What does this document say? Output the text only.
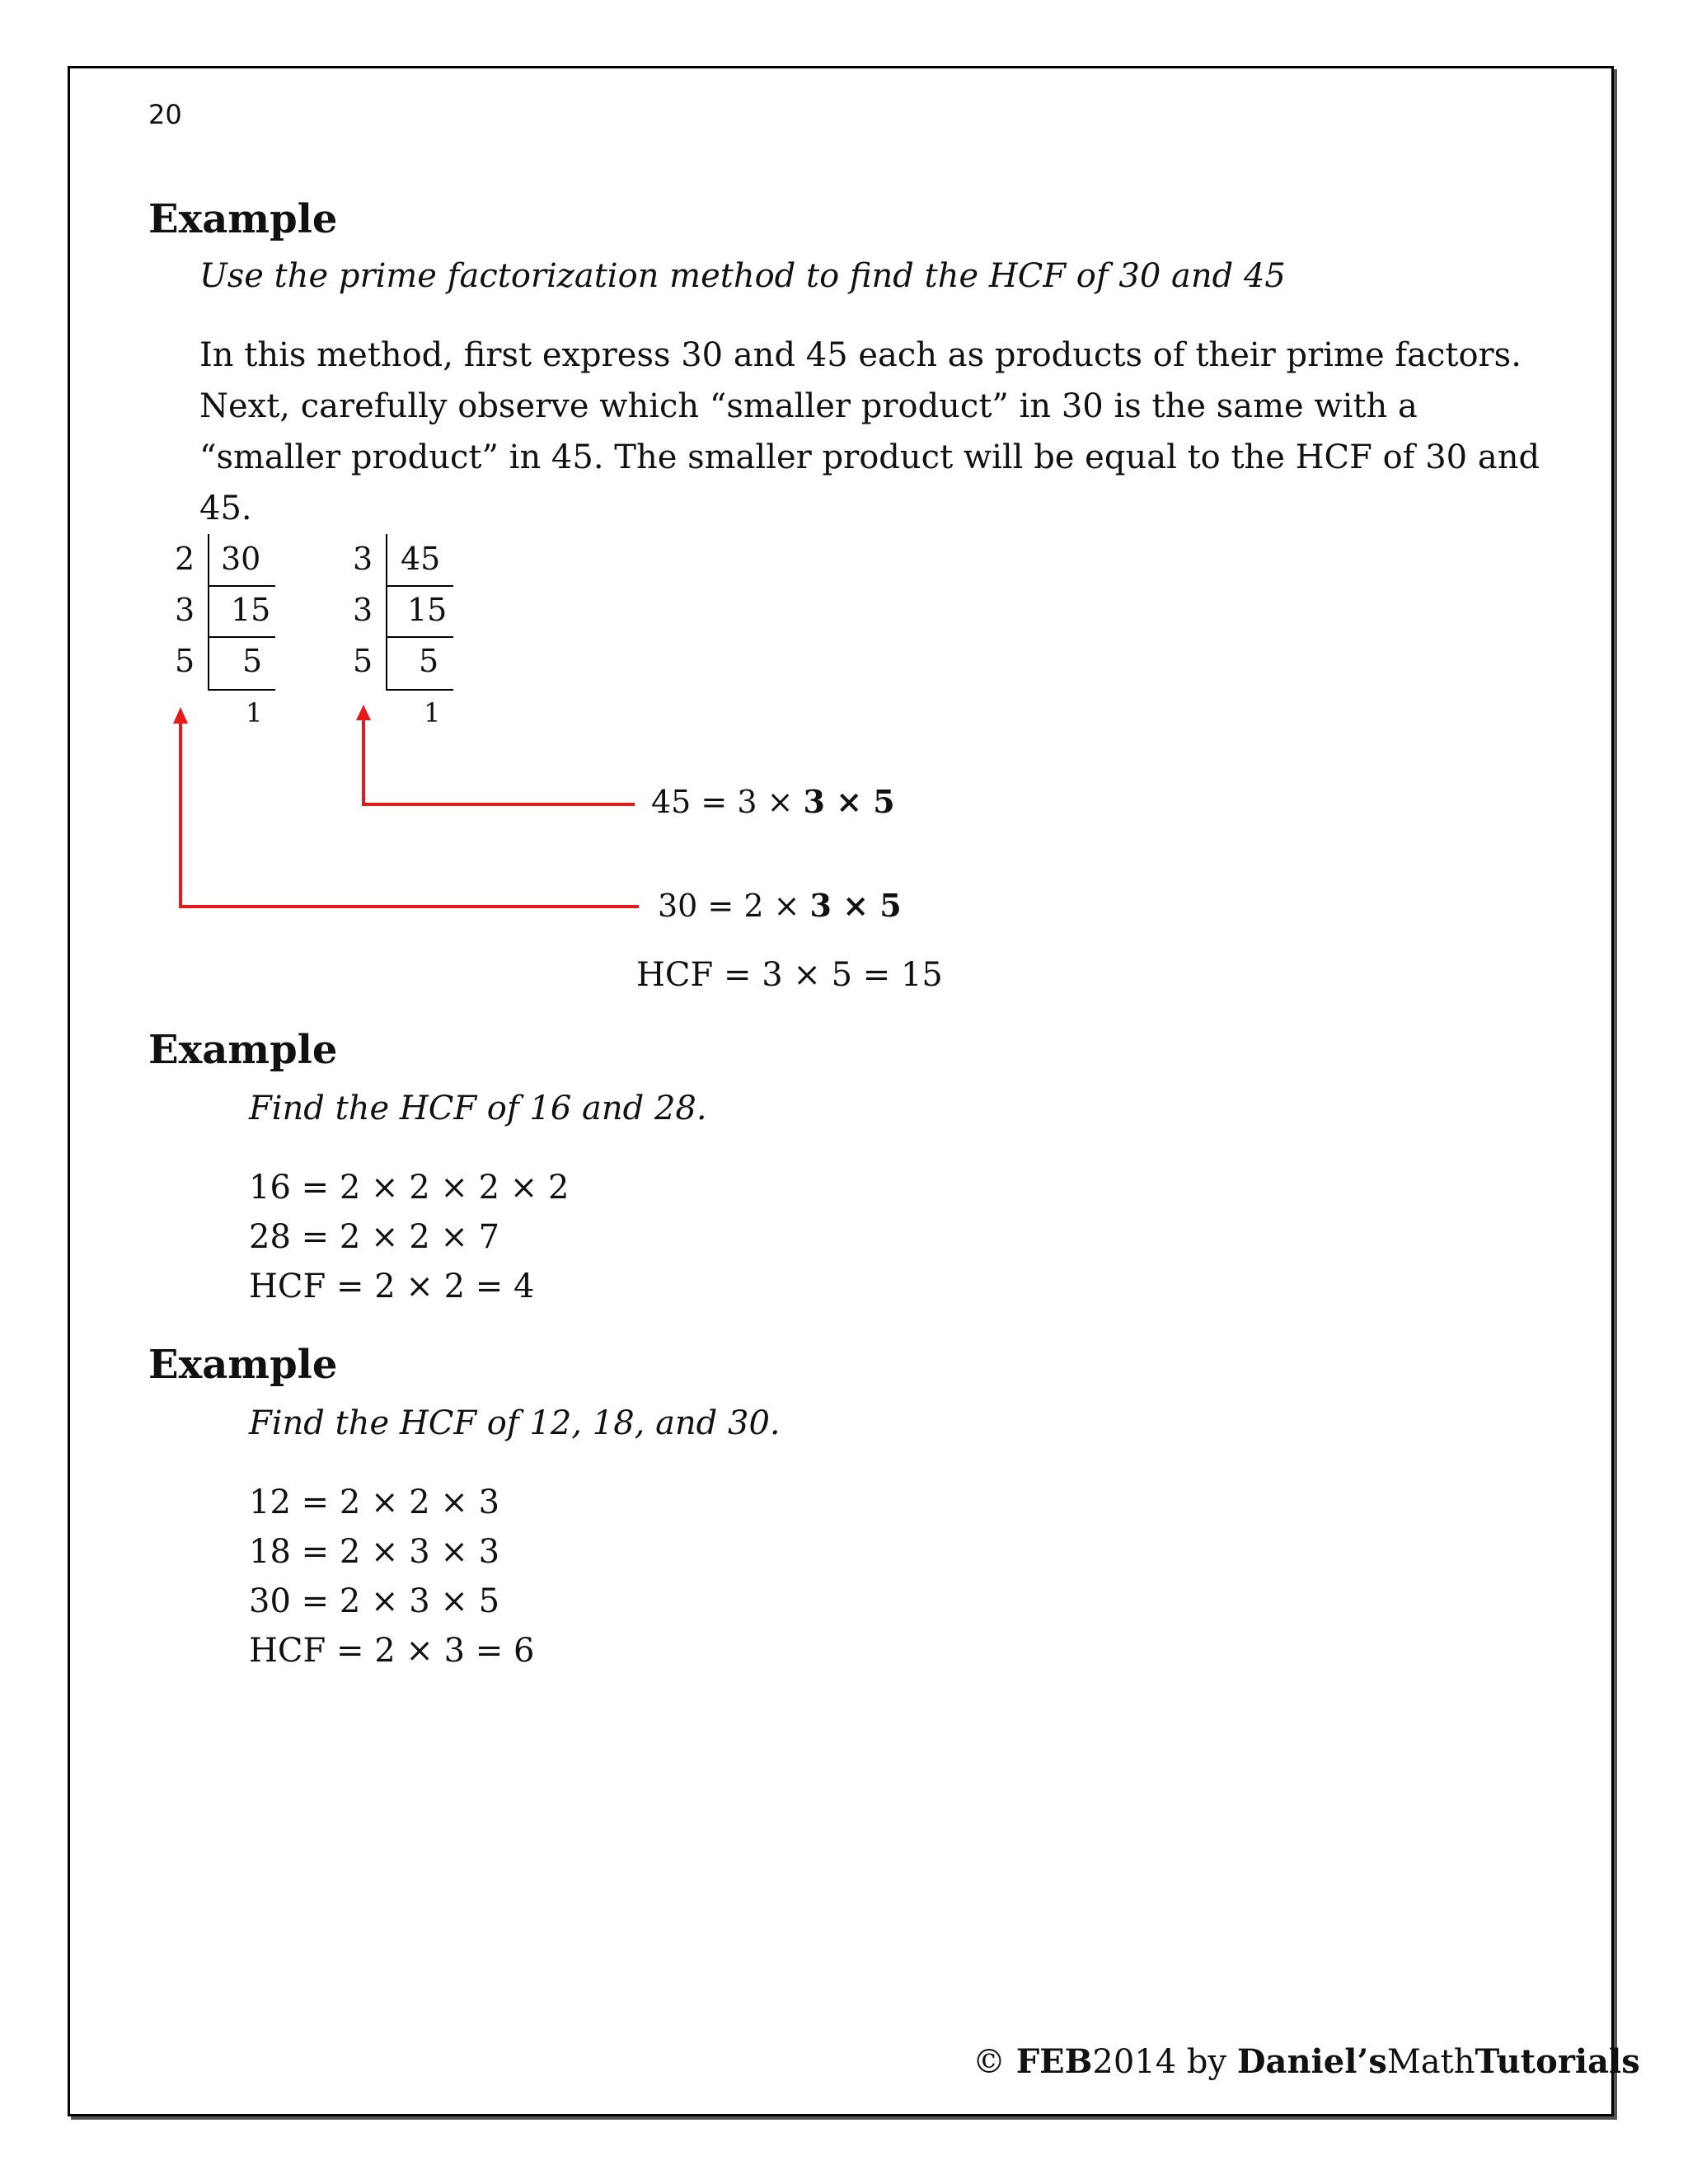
20
Example
Use the prime factorization method to find the HCF of 30 and 45
In this method, first express 30 and 45 each as products of their prime factors. Next, carefully observe which “smaller product” in 30 is the same with a “smaller product” in 45. The smaller product will be equal to the HCF of 30 and 45.
2
3
5
30
15
5
1
3
3
5
45
15
5
1
45 = 3 × 3 × 5
30 = 2 × 3 × 5
HCF = 3 × 5 = 15
Example
Find the HCF of 16 and 28.
16 = 2 × 2 × 2 × 2
28 = 2 × 2 × 7
HCF = 2 × 2 = 4
Example
Find the HCF of 12, 18, and 30.
12 = 2 × 2 × 3
18 = 2 × 3 × 3
30 = 2 × 3 × 5
HCF = 2 × 3 = 6
© FEB2014 by Daniel’sMathTutorials
